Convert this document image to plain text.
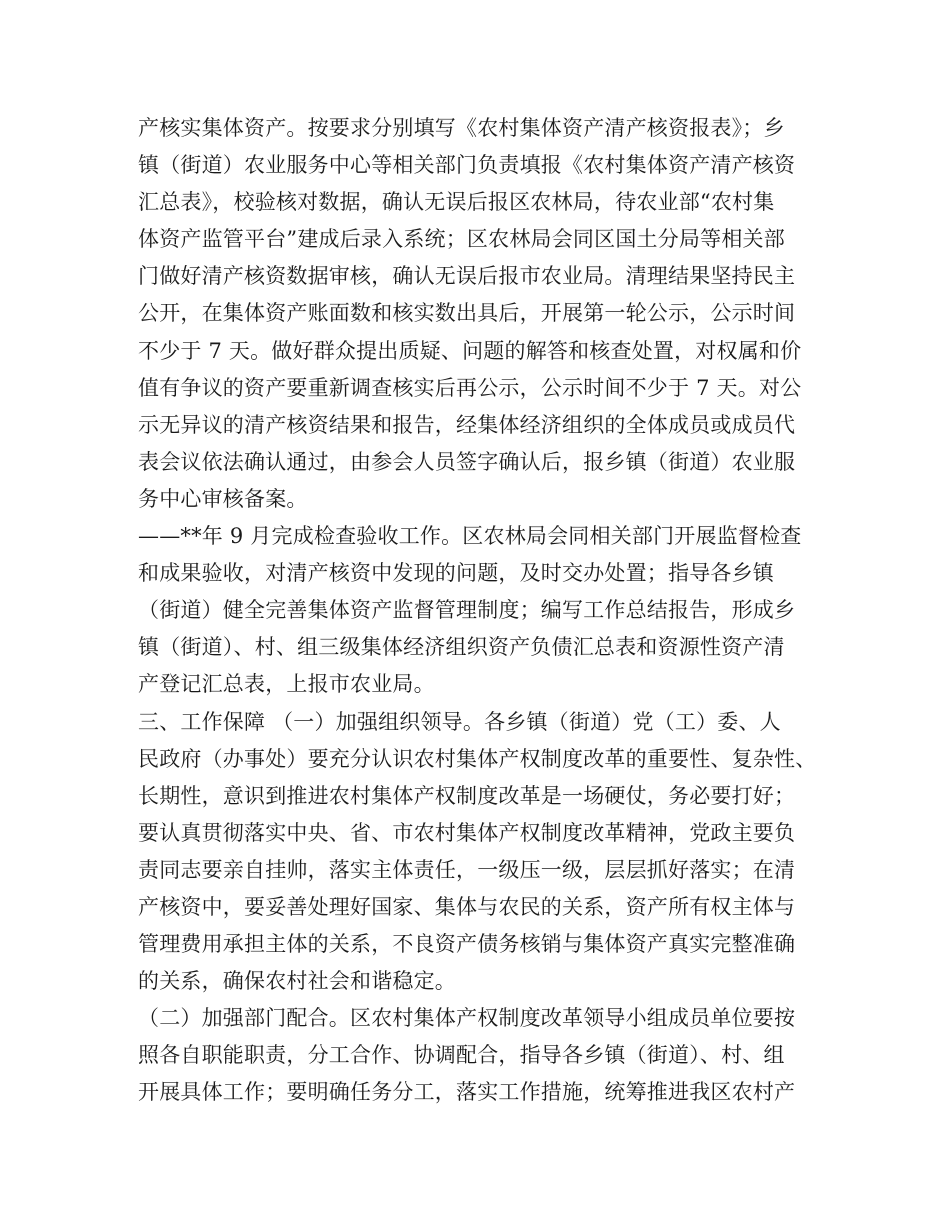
产核实集体资产。按要求分别填写《农村集体资产清产核资报表》；乡
镇（街道）农业服务中心等相关部门负责填报《农村集体资产清产核资
汇总表》，校验核对数据，确认无误后报区农林局，待农业部“农村集
体资产监管平台”建成后录入系统；区农林局会同区国土分局等相关部
门做好清产核资数据审核，确认无误后报市农业局。清理结果坚持民主
公开，在集体资产账面数和核实数出具后，开展第一轮公示，公示时间
不少于 7 天。做好群众提出质疑、问题的解答和核查处置，对权属和价
值有争议的资产要重新调查核实后再公示，公示时间不少于 7 天。对公
示无异议的清产核资结果和报告，经集体经济组织的全体成员或成员代
表会议依法确认通过，由参会人员签字确认后，报乡镇（街道）农业服
务中心审核备案。
——**年 9 月完成检查验收工作。区农林局会同相关部门开展监督检查
和成果验收，对清产核资中发现的问题，及时交办处置；指导各乡镇
（街道）健全完善集体资产监督管理制度；编写工作总结报告，形成乡
镇（街道）、村、组三级集体经济组织资产负债汇总表和资源性资产清
产登记汇总表，上报市农业局。
三、工作保障 （一）加强组织领导。各乡镇（街道）党（工）委、人
民政府（办事处）要充分认识农村集体产权制度改革的重要性、复杂性、
长期性，意识到推进农村集体产权制度改革是一场硬仗，务必要打好；
要认真贯彻落实中央、省、市农村集体产权制度改革精神，党政主要负
责同志要亲自挂帅，落实主体责任，一级压一级，层层抓好落实；在清
产核资中，要妥善处理好国家、集体与农民的关系，资产所有权主体与
管理费用承担主体的关系，不良资产债务核销与集体资产真实完整准确
的关系，确保农村社会和谐稳定。
（二）加强部门配合。区农村集体产权制度改革领导小组成员单位要按
照各自职能职责，分工合作、协调配合，指导各乡镇（街道）、村、组
开展具体工作；要明确任务分工，落实工作措施，统筹推进我区农村产
